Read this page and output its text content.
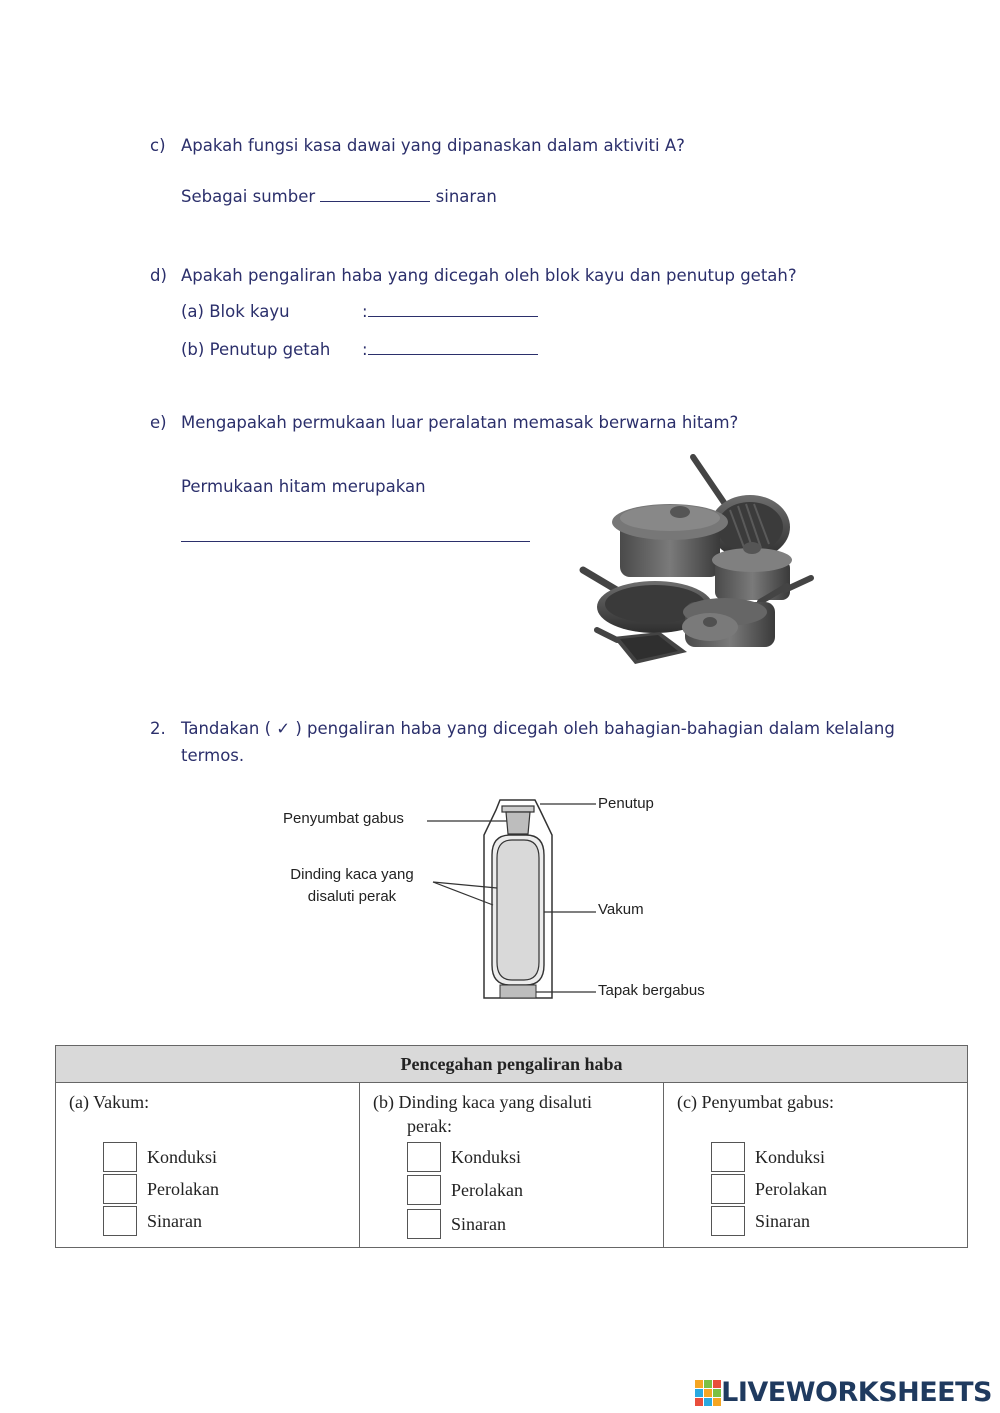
c) Apakah fungsi kasa dawai yang dipanaskan dalam aktiviti A?
Sebagai sumber	sinaran
d) Apakah pengaliran haba yang dicegah oleh blok kayu dan penutup getah?
(a) Blok kayu	:
(b) Penutup getah :
e) Mengapakah permukaan luar peralatan memasak berwarna hitam?
Permukaan hitam merupakan
2. Tandakan ( ✓ ) pengaliran haba yang dicegah oleh bahagian-bahagian dalam kelalang
termos.
Penyumbat gabus
Dinding kaca yang
disaluti perak
Penutup
Vakum
Tapak bergabus
Pencegahan pengaliran haba

(a) Vakum:
Konduksi
Perolakan
Sinaran

(b) Dinding kaca yang disaluti
perak:
Konduksi
Perolakan
Sinaran

(c) Penyumbat gabus:
Konduksi
Perolakan
Sinaran
LIVEWORKSHEETS
